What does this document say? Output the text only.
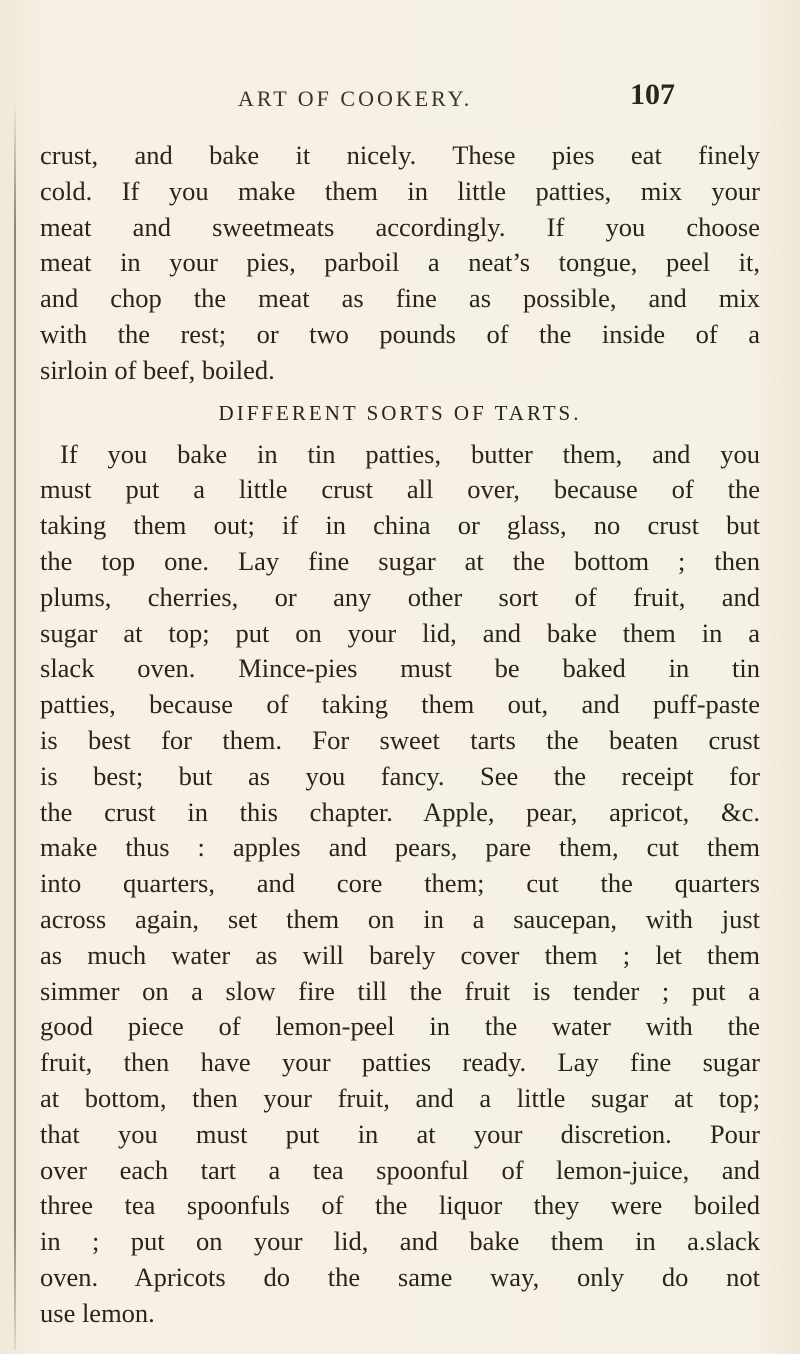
ART OF COOKERY.	107
crust, and bake it nicely. These pies eat finely
cold. If you make them in little patties, mix your
meat and sweetmeats accordingly. If you choose
meat in your pies, parboil a neat’s tongue, peel it,
and chop the meat as fine as possible, and mix
with the rest; or two pounds of the inside of a
sirloin of beef, boiled.
DIFFERENT SORTS OF TARTS.
If you bake in tin patties, butter them, and you
must put a little crust all over, because of the
taking them out; if in china or glass, no crust but
the top one. Lay fine sugar at the bottom ; then
plums, cherries, or any other sort of fruit, and
sugar at top; put on your lid, and bake them in a
slack oven. Mince-pies must be baked in tin
patties, because of taking them out, and puff-paste
is best for them. For sweet tarts the beaten crust
is best; but as you fancy. See the receipt for
the crust in this chapter. Apple, pear, apricot, &c.
make thus : apples and pears, pare them, cut them
into quarters, and core them; cut the quarters
across again, set them on in a saucepan, with just
as much water as will barely cover them ; let them
simmer on a slow fire till the fruit is tender ; put a
good piece of lemon-peel in the water with the
fruit, then have your patties ready. Lay fine sugar
at bottom, then your fruit, and a little sugar at top;
that you must put in at your discretion. Pour
over each tart a tea spoonful of lemon-juice, and
three tea spoonfuls of the liquor they were boiled
in ; put on your lid, and bake them in a.slack
oven. Apricots do the same way, only do not
use lemon.
